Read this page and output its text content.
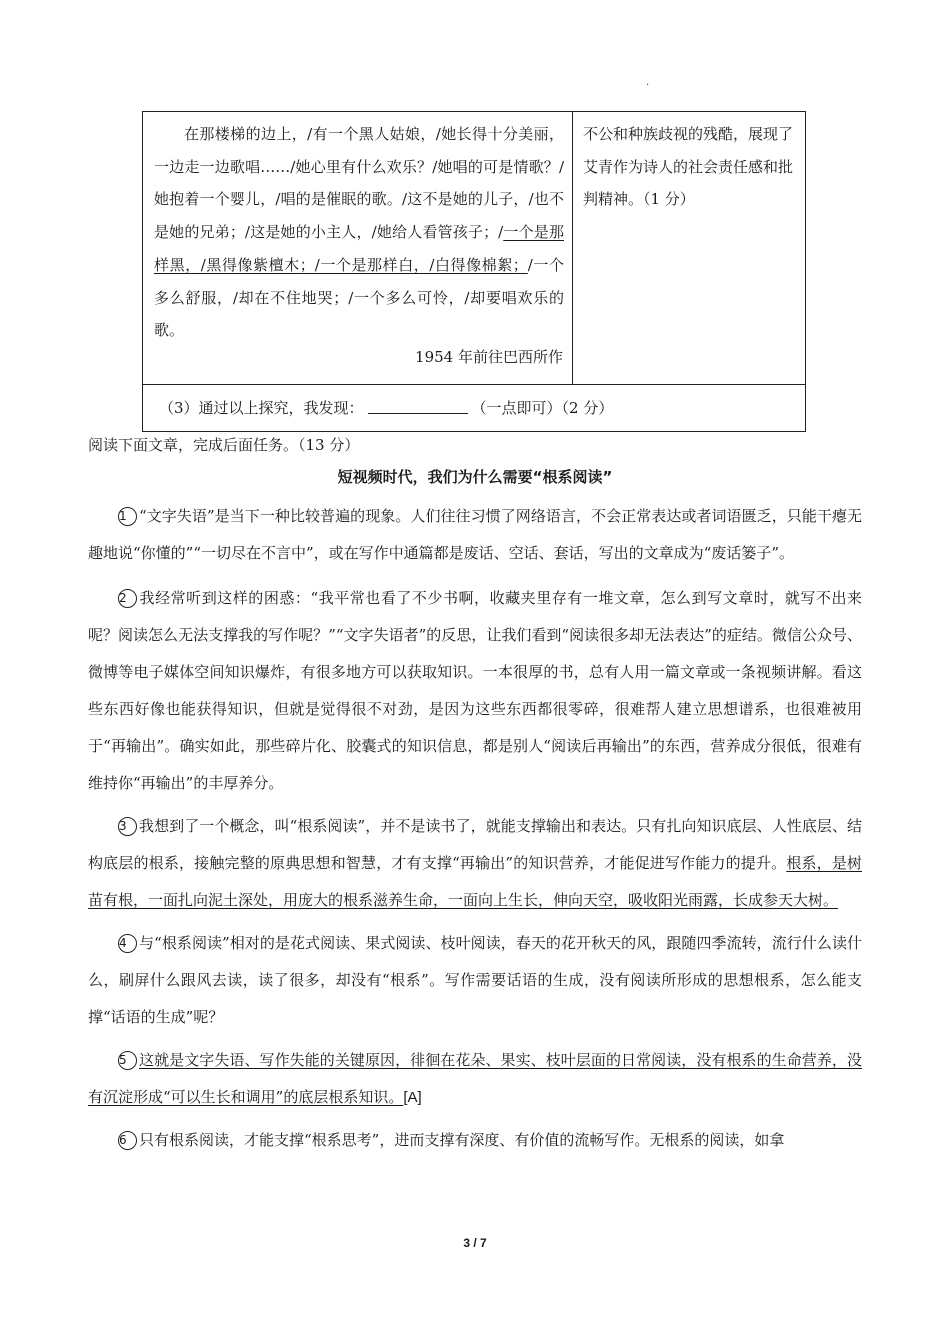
.
在那楼梯的边上，/有一个黑人姑娘，/她长得十分美丽，一边走一边歌唱……/她心里有什么欢乐？/她唱的可是情歌？/她抱着一个婴儿，/唱的是催眠的歌。/这不是她的儿子，/也不是她的兄弟；/这是她的小主人，/她给人看管孩子；/一个是那样黑，/黑得像紫檀木；/一个是那样白，/白得像棉絮；/一个多么舒服，/却在不住地哭；/一个多么可怜，/却要唱欢乐的歌。
1954 年前往巴西所作
不公和种族歧视的残酷，展现了艾青作为诗人的社会责任感和批判精神。（1 分）
（3）通过以上探究，我发现：	（一点即可）（2 分）
阅读下面文章，完成后面任务。（13 分）
短视频时代，我们为什么需要“根系阅读”

1 “文字失语”是当下一种比较普遍的现象。人们往往习惯了网络语言，不会正常表达或者词语匮乏，只能干瘪无趣地说“你懂的”“一切尽在不言中”，或在写作中通篇都是废话、空话、套话，写出的文章成为“废话篓子”。

2 我经常听到这样的困惑：“我平常也看了不少书啊，收藏夹里存有一堆文章，怎么到写文章时，就写不出来呢？阅读怎么无法支撑我的写作呢？”“文字失语者”的反思，让我们看到“阅读很多却无法表达”的症结。微信公众号、微博等电子媒体空间知识爆炸，有很多地方可以获取知识。一本很厚的书，总有人用一篇文章或一条视频讲解。看这些东西好像也能获得知识，但就是觉得很不对劲，是因为这些东西都很零碎，很难帮人建立思想谱系，也很难被用于“再输出”。确实如此，那些碎片化、胶囊式的知识信息，都是别人“阅读后再输出”的东西，营养成分很低，很难有维持你“再输出”的丰厚养分。

3 我想到了一个概念，叫“根系阅读”，并不是读书了，就能支撑输出和表达。只有扎向知识底层、人性底层、结构底层的根系，接触完整的原典思想和智慧，才有支撑“再输出”的知识营养，才能促进写作能力的提升。根系，是树苗有根，一面扎向泥土深处，用庞大的根系滋养生命，一面向上生长，伸向天空，吸收阳光雨露，长成参天大树。

4 与“根系阅读”相对的是花式阅读、果式阅读、枝叶阅读，春天的花开秋天的风，跟随四季流转，流行什么读什么，刷屏什么跟风去读，读了很多，却没有“根系”。写作需要话语的生成，没有阅读所形成的思想根系，怎么能支撑“话语的生成”呢？

5 这就是文字失语、写作失能的关键原因，徘徊在花朵、果实、枝叶层面的日常阅读，没有根系的生命营养，没有沉淀形成“可以生长和调用”的底层根系知识。[A]

6 只有根系阅读，才能支撑“根系思考”，进而支撑有深度、有价值的流畅写作。无根系的阅读，如拿

3 / 7
